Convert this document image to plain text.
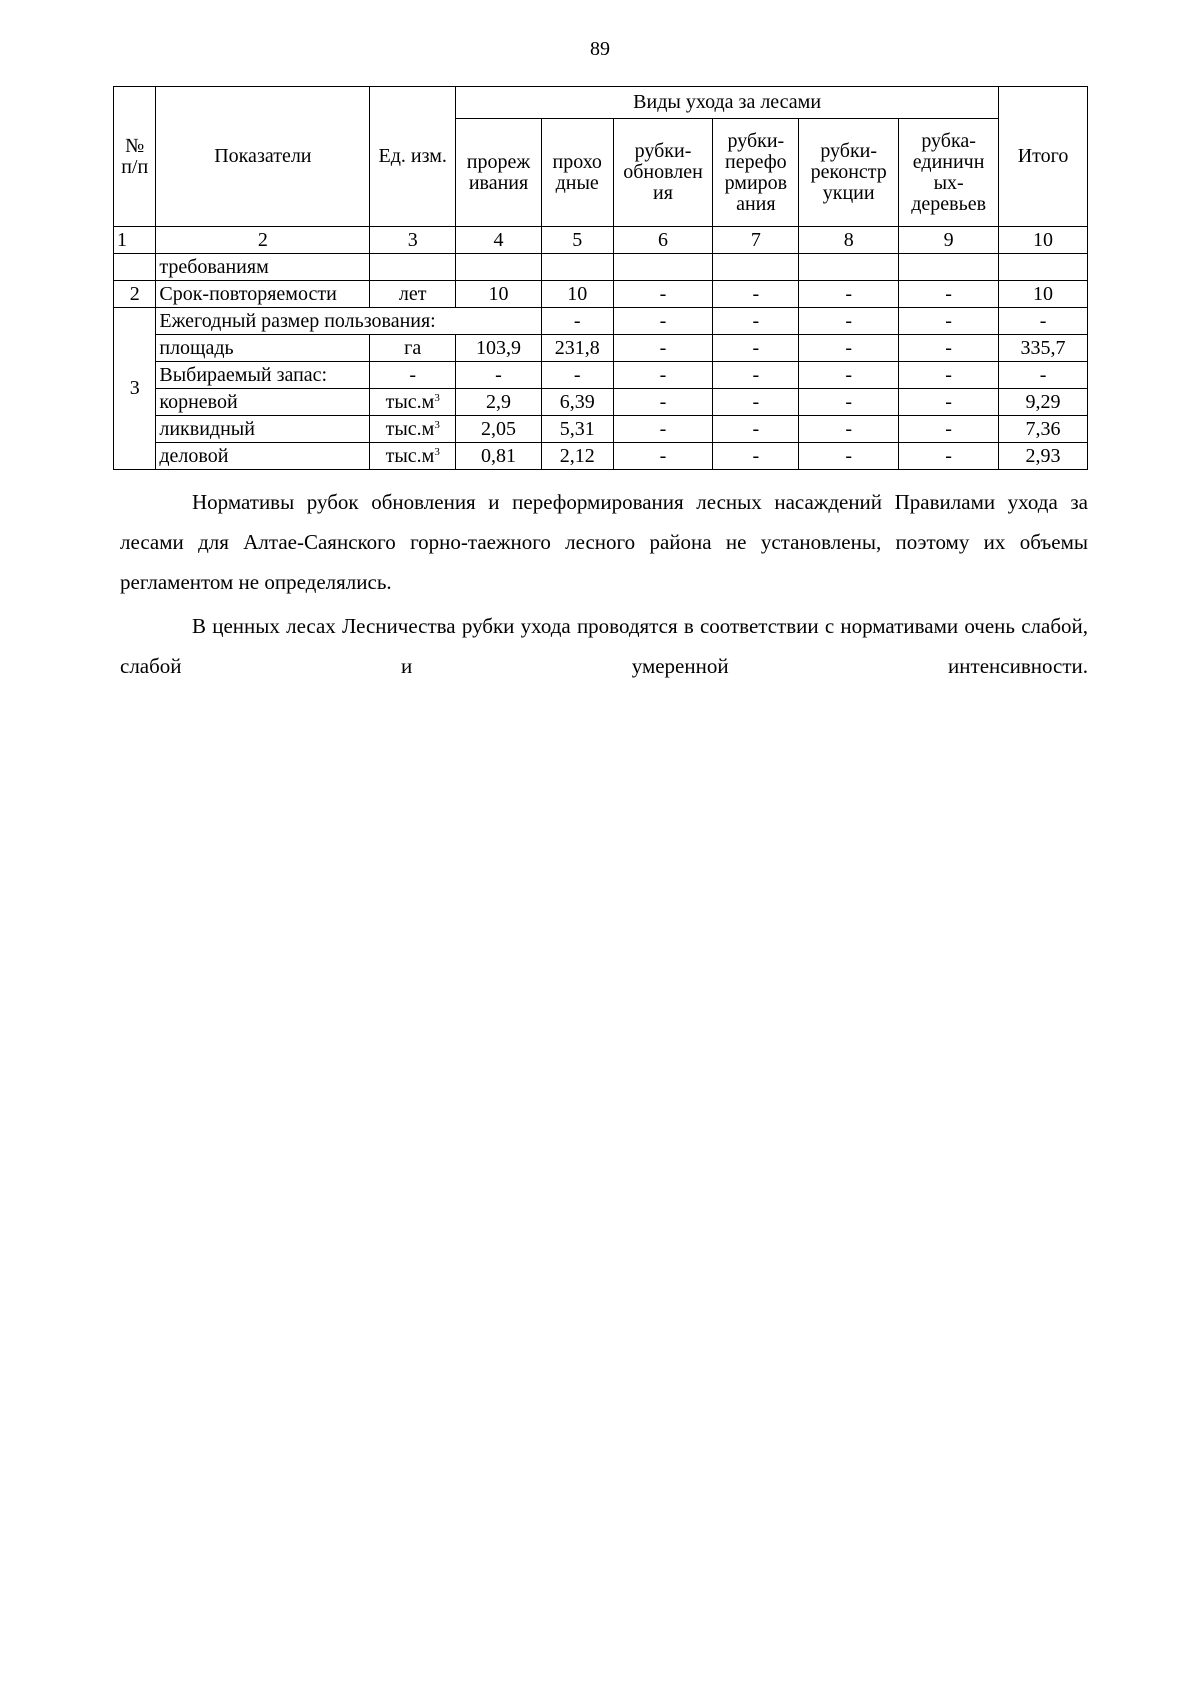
89
№ п/п	Показатели	Ед. изм.	Виды ухода за лесами						Итого
			прореж ивания	прохо дные	рубки- обновлен ия	рубки- перефо рмиров ания	рубки- реконстр укции	рубка- единичн ых- деревьев	
1	2	3	4	5	6	7	8	9	10
	требованиям								
2	Срок-повторяемости	лет	10	10	-	-	-	-	10
3	Ежегодный размер пользования:			-	-	-	-	-	-
	площадь	га	103,9	231,8	-	-	-	-	335,7
	Выбираемый запас:	-	-	-	-	-	-	-	-
	корневой	$тыс.м^3$	2,9	6,39	-	-	-	-	9,29
	ликвидный	$тыс.м^3$	2,05	5,31	-	-	-	-	7,36
	деловой	$тыс.м^3$	0,81	2,12	-	-	-	-	2,93

Нормативы рубок обновления и переформирования лесных насаждений Правилами ухода за лесами для Алтае-Саянского горно-таежного лесного района не установлены, поэтому их объемы регламентом не определялись.

В ценных лесах Лесничества рубки ухода проводятся в соответствии с нормативами очень слабой, слабой и умеренной интенсивности.
